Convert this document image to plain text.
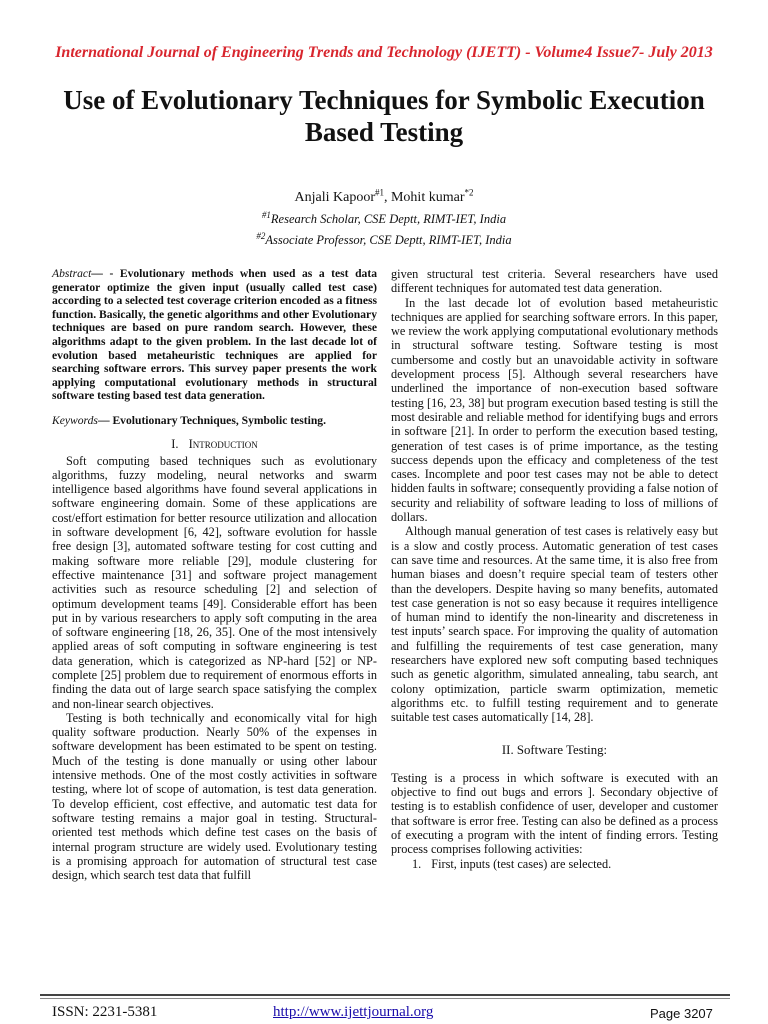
International Journal of Engineering Trends and Technology (IJETT) - Volume4 Issue7- July 2013
Use of Evolutionary Techniques for Symbolic Execution Based Testing
Anjali Kapoor$^{\#1}$, Mohit kumar$^{*2}$
$^{\#1}$Research Scholar, CSE Deptt, RIMT-IET, India
$^{\#2}$Associate Professor, CSE Deptt, RIMT-IET, India

Abstract— - Evolutionary methods when used as a test data generator optimize the given input (usually called test case) according to a selected test coverage criterion encoded as a fitness function. Basically, the genetic algorithms and other Evolutionary techniques are based on pure random search. However, these algorithms adapt to the given problem. In the last decade lot of evolution based metaheuristic techniques are applied for searching software errors. This survey paper presents the work applying computational evolutionary methods in structural software testing based test data generation.

Keywords— Evolutionary Techniques, Symbolic testing.

I. Introduction

Soft computing based techniques such as evolutionary algorithms, fuzzy modeling, neural networks and swarm intelligence based algorithms have found several applications in software engineering domain. Some of these applications are cost/effort estimation for better resource utilization and allocation in software development [6, 42], software evolution for hassle free design [3], automated software testing for cost cutting and making software more reliable [29], module clustering for effective maintenance [31] and software project management activities such as resource scheduling [2] and selection of optimum development teams [49]. Considerable effort has been put in by various researchers to apply soft computing in the area of software engineering [18, 26, 35]. One of the most intensively applied areas of soft computing in software engineering is test data generation, which is categorized as NP-hard [52] or NP-complete [25] problem due to requirement of enormous efforts in finding the data out of large search space satisfying the complex and non-linear search objectives.

Testing is both technically and economically vital for high quality software production. Nearly 50% of the expenses in software development has been estimated to be spent on testing. Much of the testing is done manually or using other labour intensive methods. One of the most costly activities in software testing, where lot of scope of automation, is test data generation. To develop efficient, cost effective, and automatic test data for software testing remains a major goal in testing. Structural-oriented test methods which define test cases on the basis of internal program structure are widely used. Evolutionary testing is a promising approach for automation of structural test case design, which search test data that fulfill

given structural test criteria. Several researchers have used different techniques for automated test data generation.

In the last decade lot of evolution based metaheuristic techniques are applied for searching software errors. In this paper, we review the work applying computational evolutionary methods in structural software testing. Software testing is most cumbersome and costly but an unavoidable activity in software development process [5]. Although several researchers have underlined the importance of non-execution based software testing [16, 23, 38] but program execution based testing is still the most desirable and reliable method for identifying bugs and errors in software [21]. In order to perform the execution based testing, generation of test cases is of prime importance, as the testing success depends upon the efficacy and completeness of the test cases. Incomplete and poor test cases may not be able to detect hidden faults in software; consequently providing a false notion of security and reliability of software leading to loss of millions of dollars.

Although manual generation of test cases is relatively easy but is a slow and costly process. Automatic generation of test cases can save time and resources. At the same time, it is also free from human biases and doesn’t require special team of testers other than the developers. Despite having so many benefits, automated test case generation is not so easy because it requires intelligence of human mind to identify the non-linearity and discreteness in test inputs’ search space. For improving the quality of automation and fulfilling the requirements of test case generation, many researchers have explored new soft computing based techniques such as genetic algorithm, simulated annealing, tabu search, ant colony optimization, particle swarm optimization, memetic algorithms etc. to fulfill testing requirement and to generate suitable test cases automatically [14, 28].

II. Software Testing:

Testing is a process in which software is executed with an objective to find out bugs and errors ]. Secondary objective of testing is to establish confidence of user, developer and customer that software is error free. Testing can also be defined as a process of executing a program with the intent of finding errors. Testing process comprises following activities:

1. First, inputs (test cases) are selected.

ISSN: 2231-5381	http://www.ijettjournal.org	Page 3207
